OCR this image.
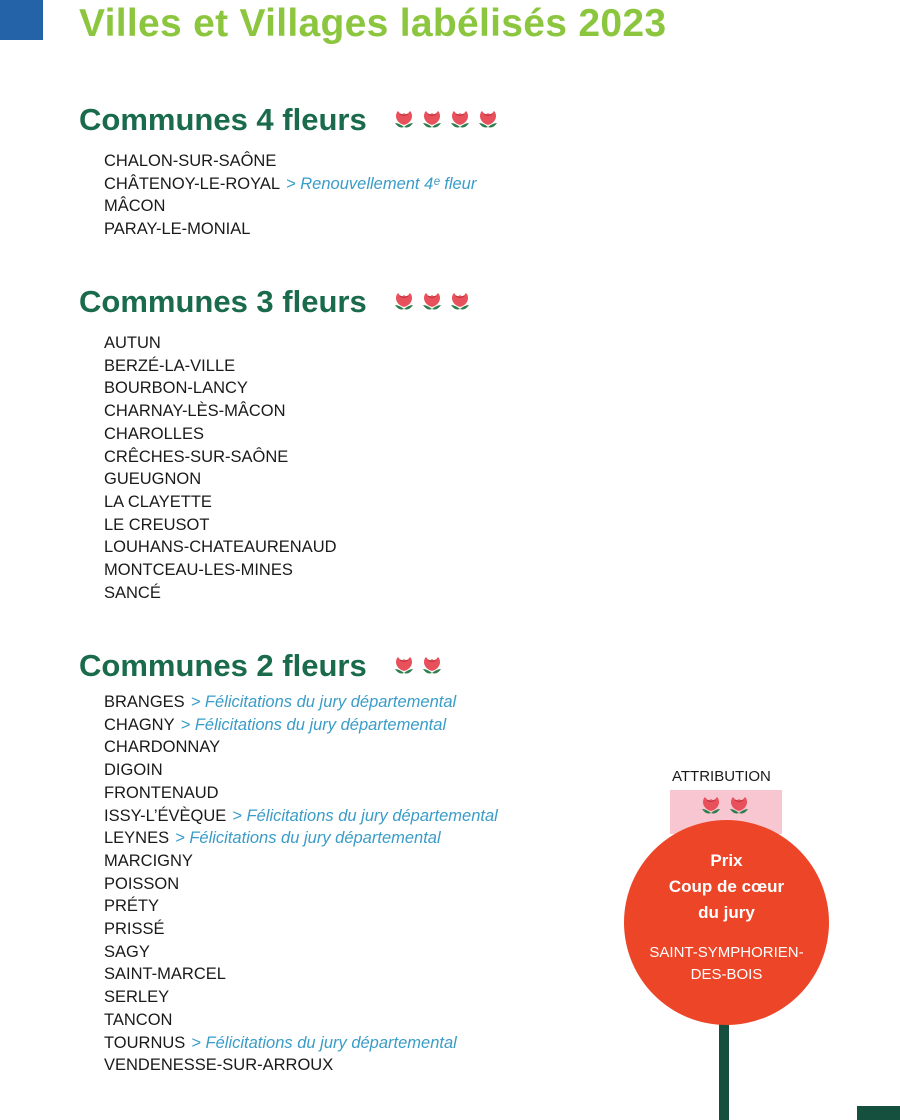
Villes et Villages labélisés 2023
Communes 4 fleurs
CHALON-SUR-SAÔNE
CHÂTENOY-LE-ROYAL > Renouvellement 4ᵉ fleur
MÂCON
PARAY-LE-MONIAL
Communes 3 fleurs
AUTUN
BERZÉ-LA-VILLE
BOURBON-LANCY
CHARNAY-LÈS-MÂCON
CHAROLLES
CRÊCHES-SUR-SAÔNE
GUEUGNON
LA CLAYETTE
LE CREUSOT
LOUHANS-CHATEAURENAUD
MONTCEAU-LES-MINES
SANCÉ
Communes 2 fleurs
BRANGES > Félicitations du jury départemental
CHAGNY > Félicitations du jury départemental
CHARDONNAY
DIGOIN
FRONTENAUD
ISSY-L’ÉVÈQUE > Félicitations du jury départemental
LEYNES > Félicitations du jury départemental
MARCIGNY
POISSON
PRÉTY
PRISSÉ
SAGY
SAINT-MARCEL
SERLEY
TANCON
TOURNUS > Félicitations du jury départemental
VENDENESSE-SUR-ARROUX
ATTRIBUTION
Prix
Coup de cœur
du jury
SAINT-SYMPHORIEN-
DES-BOIS
